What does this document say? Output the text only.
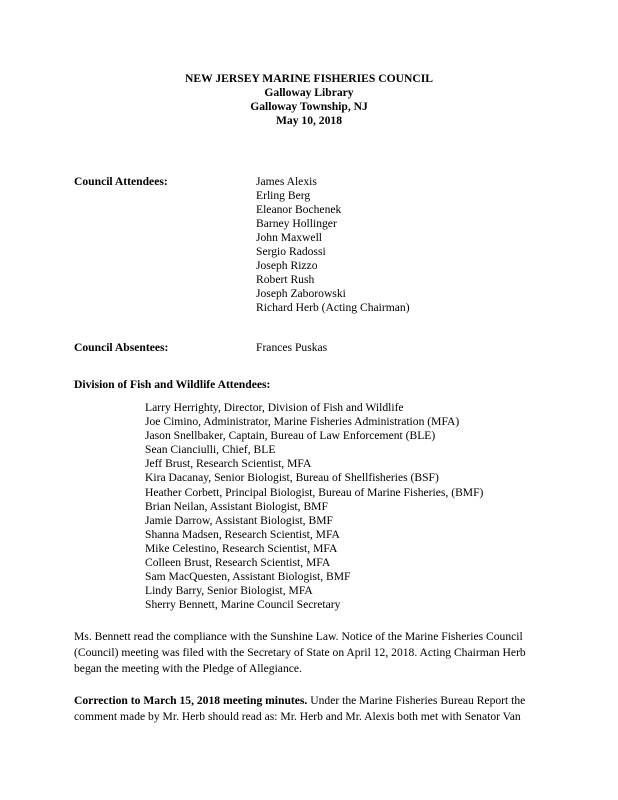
NEW JERSEY MARINE FISHERIES COUNCIL
Galloway Library
Galloway Township, NJ
May 10, 2018
Council Attendees:	James Alexis
Erling Berg
Eleanor Bochenek
Barney Hollinger
John Maxwell
Sergio Radossi
Joseph Rizzo
Robert Rush
Joseph Zaborowski
Richard Herb (Acting Chairman)
Council Absentees:	Frances Puskas
Division of Fish and Wildlife Attendees:
Larry Herrighty, Director, Division of Fish and Wildlife
Joe Cimino, Administrator, Marine Fisheries Administration (MFA)
Jason Snellbaker, Captain, Bureau of Law Enforcement (BLE)
Sean Cianciulli, Chief, BLE
Jeff Brust, Research Scientist, MFA
Kira Dacanay, Senior Biologist, Bureau of Shellfisheries (BSF)
Heather Corbett, Principal Biologist, Bureau of Marine Fisheries, (BMF)
Brian Neilan, Assistant Biologist, BMF
Jamie Darrow, Assistant Biologist, BMF
Shanna Madsen, Research Scientist, MFA
Mike Celestino, Research Scientist, MFA
Colleen Brust, Research Scientist, MFA
Sam MacQuesten, Assistant Biologist, BMF
Lindy Barry, Senior Biologist, MFA
Sherry Bennett, Marine Council Secretary
Ms. Bennett read the compliance with the Sunshine Law. Notice of the Marine Fisheries Council
(Council) meeting was filed with the Secretary of State on April 12, 2018. Acting Chairman Herb
began the meeting with the Pledge of Allegiance.
Correction to March 15, 2018 meeting minutes. Under the Marine Fisheries Bureau Report the
comment made by Mr. Herb should read as: Mr. Herb and Mr. Alexis both met with Senator Van
